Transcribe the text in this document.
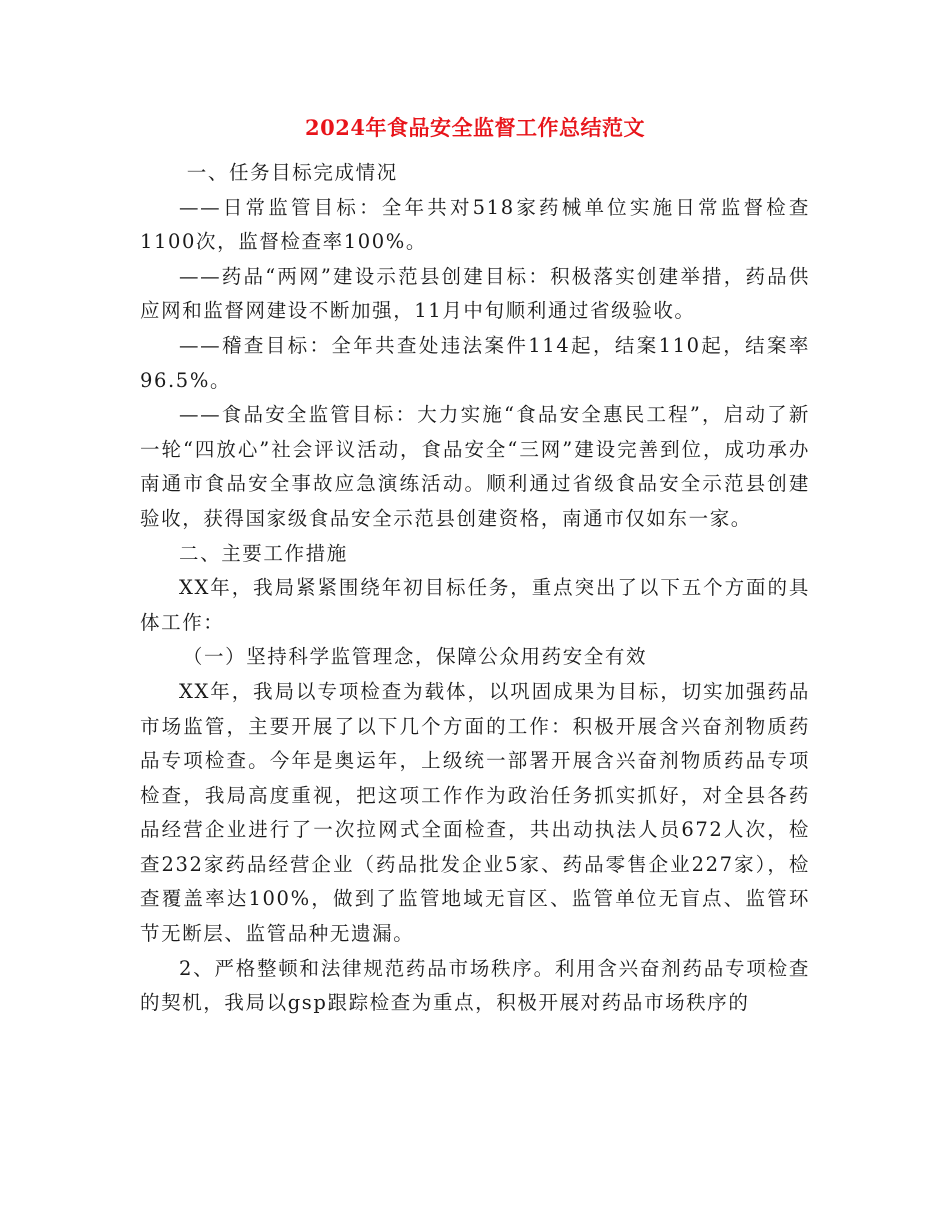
2024年食品安全监督工作总结范文

一、任务目标完成情况

——日常监管目标：全年共对518家药械单位实施日常监督检查1100次，监督检查率100%。

——药品“两网”建设示范县创建目标：积极落实创建举措，药品供应网和监督网建设不断加强，11月中旬顺利通过省级验收。

——稽查目标：全年共查处违法案件114起，结案110起，结案率96.5%。

——食品安全监管目标：大力实施“食品安全惠民工程”，启动了新一轮“四放心”社会评议活动，食品安全“三网”建设完善到位，成功承办南通市食品安全事故应急演练活动。顺利通过省级食品安全示范县创建验收，获得国家级食品安全示范县创建资格，南通市仅如东一家。

二、主要工作措施

XX年，我局紧紧围绕年初目标任务，重点突出了以下五个方面的具体工作：

（一）坚持科学监管理念，保障公众用药安全有效

XX年，我局以专项检查为载体，以巩固成果为目标，切实加强药品市场监管，主要开展了以下几个方面的工作：积极开展含兴奋剂物质药品专项检查。今年是奥运年，上级统一部署开展含兴奋剂物质药品专项检查，我局高度重视，把这项工作作为政治任务抓实抓好，对全县各药品经营企业进行了一次拉网式全面检查，共出动执法人员672人次，检查232家药品经营企业（药品批发企业5家、药品零售企业227家），检查覆盖率达100%，做到了监管地域无盲区、监管单位无盲点、监管环节无断层、监管品种无遗漏。

2、严格整顿和法律规范药品市场秩序。利用含兴奋剂药品专项检查的契机，我局以gsp跟踪检查为重点，积极开展对药品市场秩序的
